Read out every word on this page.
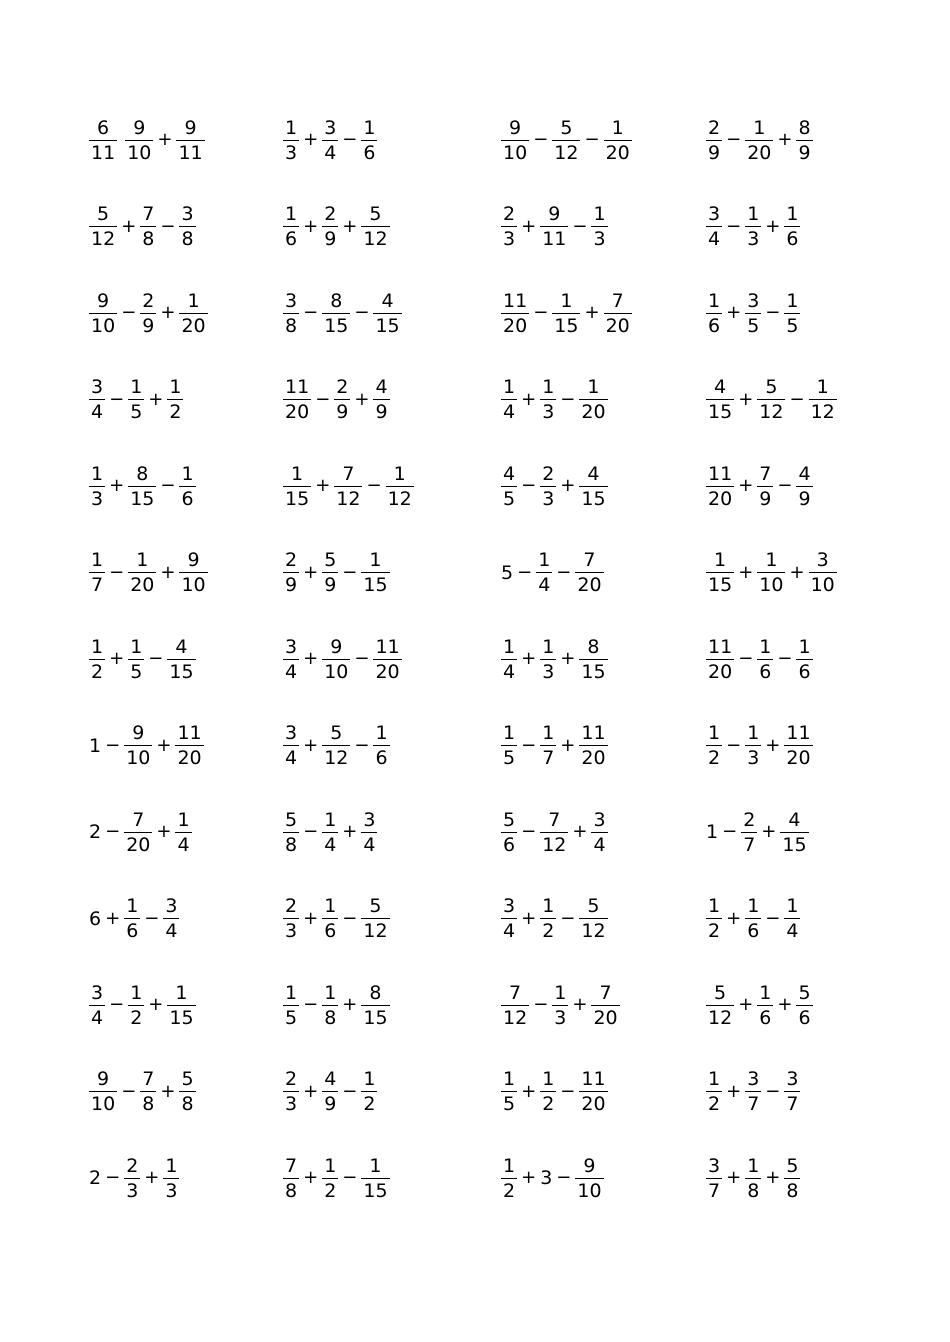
$\frac{6}{11} \frac{9}{10} + \frac{9}{11}$	$\frac{1}{3} + \frac{3}{4} - \frac{1}{6}$	$\frac{9}{10} - \frac{5}{12} - \frac{1}{20}$	$\frac{2}{9} - \frac{1}{20} + \frac{8}{9}$
$\frac{5}{12} + \frac{7}{8} - \frac{3}{8}$	$\frac{1}{6} + \frac{2}{9} + \frac{5}{12}$	$\frac{2}{3} + \frac{9}{11} - \frac{1}{3}$	$\frac{3}{4} - \frac{1}{3} + \frac{1}{6}$
$\frac{9}{10} - \frac{2}{9} + \frac{1}{20}$	$\frac{3}{8} - \frac{8}{15} - \frac{4}{15}$	$\frac{11}{20} - \frac{1}{15} + \frac{7}{20}$	$\frac{1}{6} + \frac{3}{5} - \frac{1}{5}$
$\frac{3}{4} - \frac{1}{5} + \frac{1}{2}$	$\frac{11}{20} - \frac{2}{9} + \frac{4}{9}$	$\frac{1}{4} + \frac{1}{3} - \frac{1}{20}$	$\frac{4}{15} + \frac{5}{12} - \frac{1}{12}$
$\frac{1}{3} + \frac{8}{15} - \frac{1}{6}$	$\frac{1}{15} + \frac{7}{12} - \frac{1}{12}$	$\frac{4}{5} - \frac{2}{3} + \frac{4}{15}$	$\frac{11}{20} + \frac{7}{9} - \frac{4}{9}$
$\frac{1}{7} - \frac{1}{20} + \frac{9}{10}$	$\frac{2}{9} + \frac{5}{9} - \frac{1}{15}$	$5 - \frac{1}{4} - \frac{7}{20}$	$\frac{1}{15} + \frac{1}{10} + \frac{3}{10}$
$\frac{1}{2} + \frac{1}{5} - \frac{4}{15}$	$\frac{3}{4} + \frac{9}{10} - \frac{11}{20}$	$\frac{1}{4} + \frac{1}{3} + \frac{8}{15}$	$\frac{11}{20} - \frac{1}{6} - \frac{1}{6}$
$1 - \frac{9}{10} + \frac{11}{20}$	$\frac{3}{4} + \frac{5}{12} - \frac{1}{6}$	$\frac{1}{5} - \frac{1}{7} + \frac{11}{20}$	$\frac{1}{2} - \frac{1}{3} + \frac{11}{20}$
$2 - \frac{7}{20} + \frac{1}{4}$	$\frac{5}{8} - \frac{1}{4} + \frac{3}{4}$	$\frac{5}{6} - \frac{7}{12} + \frac{3}{4}$	$1 - \frac{2}{7} + \frac{4}{15}$
$6 + \frac{1}{6} - \frac{3}{4}$	$\frac{2}{3} + \frac{1}{6} - \frac{5}{12}$	$\frac{3}{4} + \frac{1}{2} - \frac{5}{12}$	$\frac{1}{2} + \frac{1}{6} - \frac{1}{4}$
$\frac{3}{4} - \frac{1}{2} + \frac{1}{15}$	$\frac{1}{5} - \frac{1}{8} + \frac{8}{15}$	$\frac{7}{12} - \frac{1}{3} + \frac{7}{20}$	$\frac{5}{12} + \frac{1}{6} + \frac{5}{6}$
$\frac{9}{10} - \frac{7}{8} + \frac{5}{8}$	$\frac{2}{3} + \frac{4}{9} - \frac{1}{2}$	$\frac{1}{5} + \frac{1}{2} - \frac{11}{20}$	$\frac{1}{2} + \frac{3}{7} - \frac{3}{7}$
$2 - \frac{2}{3} + \frac{1}{3}$	$\frac{7}{8} + \frac{1}{2} - \frac{1}{15}$	$\frac{1}{2} + 3 - \frac{9}{10}$	$\frac{3}{7} + \frac{1}{8} + \frac{5}{8}$
